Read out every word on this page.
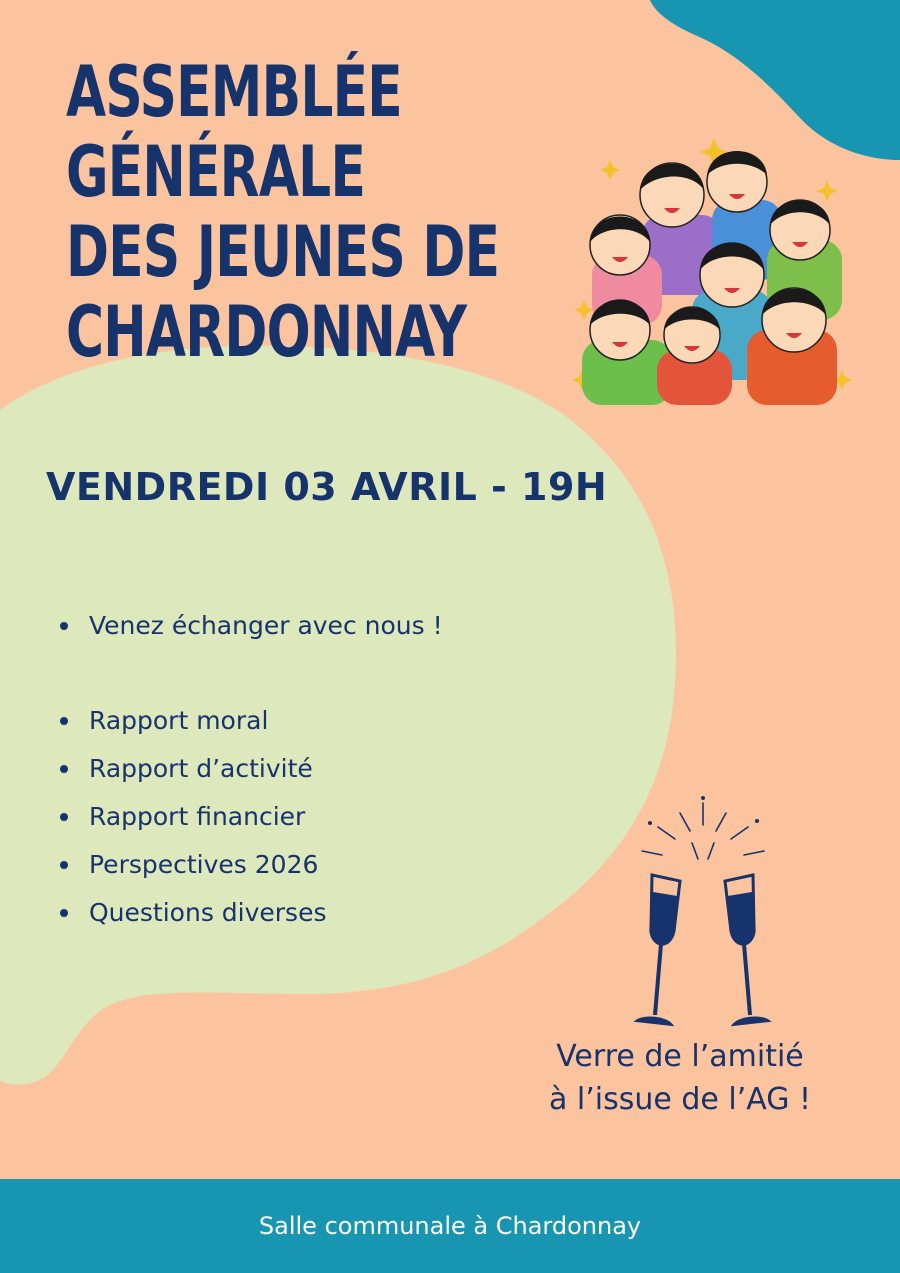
ASSEMBLÉE GÉNÉRALE
DES JEUNES DE
CHARDONNAY
VENDREDI 03 AVRIL - 19H
Venez échanger avec nous !
Rapport moral
Rapport d’activité
Rapport financier
Perspectives 2026
Questions diverses
Verre de l’amitié
à l’issue de l’AG !
Salle communale à Chardonnay
